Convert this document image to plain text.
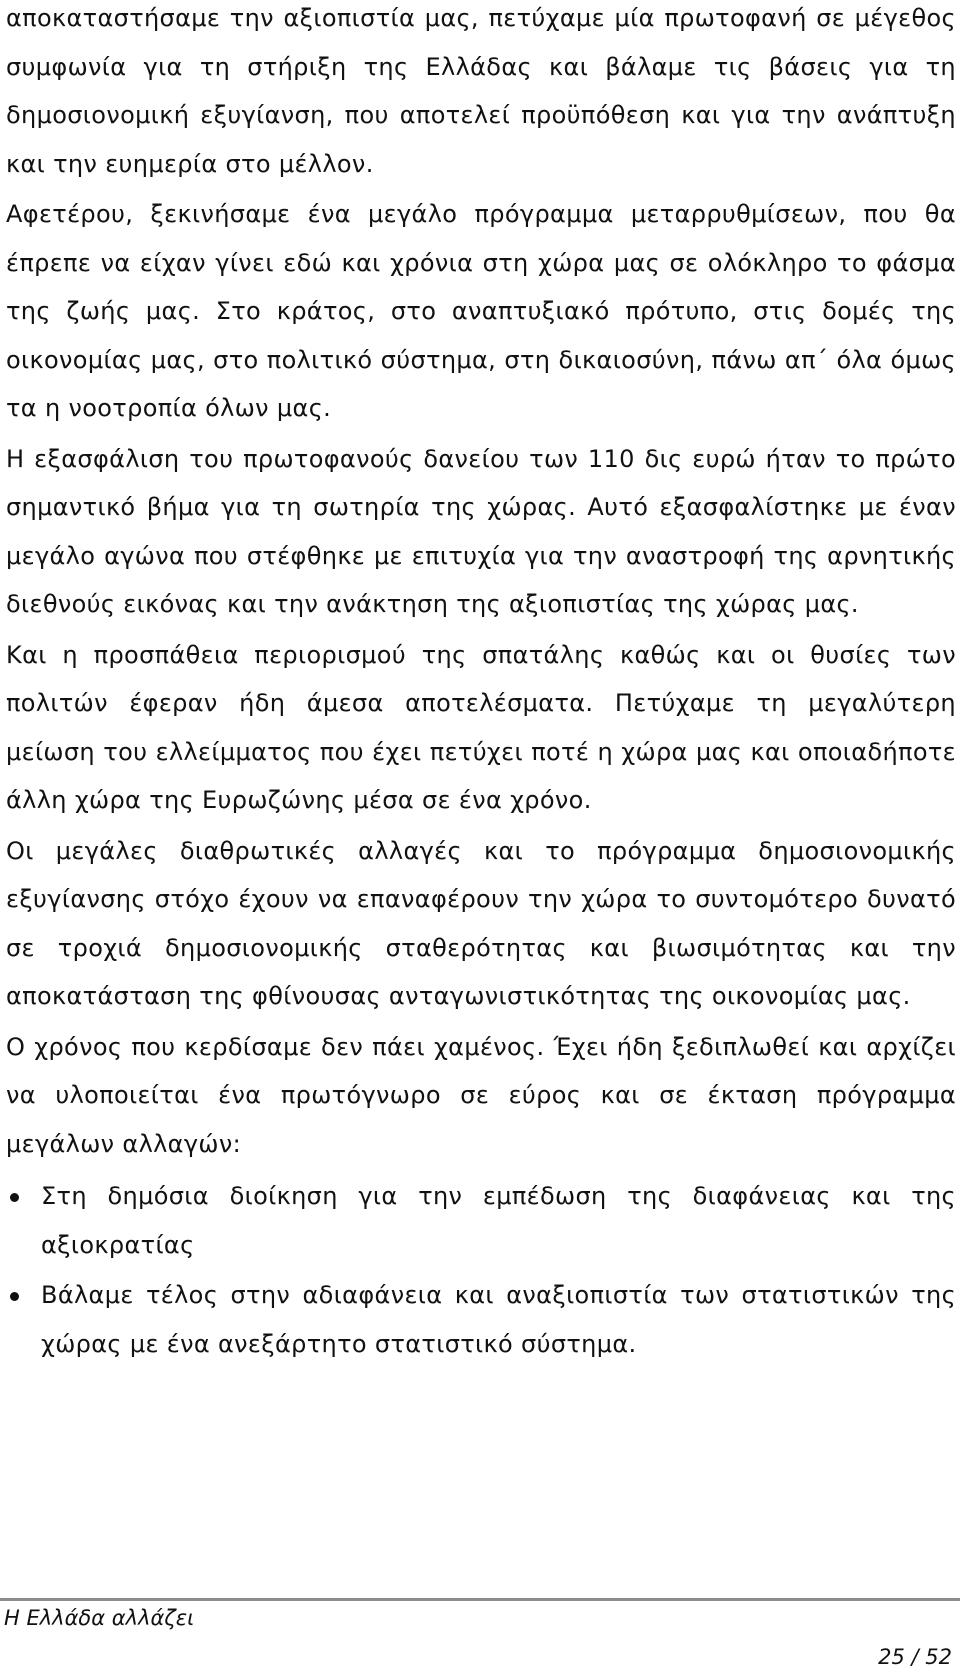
αποκαταστήσαμε την αξιοπιστία μας, πετύχαμε μία πρωτοφανή σε μέγεθος συμφωνία για τη στήριξη της Ελλάδας και βάλαμε τις βάσεις για τη δημοσιονομική εξυγίανση, που αποτελεί προϋπόθεση και για την ανάπτυξη και την ευημερία στο μέλλον.

Αφετέρου, ξεκινήσαμε ένα μεγάλο πρόγραμμα μεταρρυθμίσεων, που θα έπρεπε να είχαν γίνει εδώ και χρόνια στη χώρα μας σε ολόκληρο το φάσμα της ζωής μας. Στο κράτος, στο αναπτυξιακό πρότυπο, στις δομές της οικονομίας μας, στο πολιτικό σύστημα, στη δικαιοσύνη, πάνω απ΄ όλα όμως τα η νοοτροπία όλων μας.

Η εξασφάλιση του πρωτοφανούς δανείου των 110 δις ευρώ ήταν το πρώτο σημαντικό βήμα για τη σωτηρία της χώρας. Αυτό εξασφαλίστηκε με έναν μεγάλο αγώνα που στέφθηκε με επιτυχία για την αναστροφή της αρνητικής διεθνούς εικόνας και την ανάκτηση της αξιοπιστίας της χώρας μας.

Και η προσπάθεια περιορισμού της σπατάλης καθώς και οι θυσίες των πολιτών έφεραν ήδη άμεσα αποτελέσματα. Πετύχαμε τη μεγαλύτερη μείωση του ελλείμματος που έχει πετύχει ποτέ η χώρα μας και οποιαδήποτε άλλη χώρα της Ευρωζώνης μέσα σε ένα χρόνο.

Οι μεγάλες διαθρωτικές αλλαγές και το πρόγραμμα δημοσιονομικής εξυγίανσης στόχο έχουν να επαναφέρουν την χώρα το συντομότερο δυνατό σε τροχιά δημοσιονομικής σταθερότητας και βιωσιμότητας και την αποκατάσταση της φθίνουσας ανταγωνιστικότητας της οικονομίας μας.

Ο χρόνος που κερδίσαμε δεν πάει χαμένος. Έχει ήδη ξεδιπλωθεί και αρχίζει να υλοποιείται ένα πρωτόγνωρο σε εύρος και σε έκταση πρόγραμμα μεγάλων αλλαγών:

Στη δημόσια διοίκηση για την εμπέδωση της διαφάνειας και της αξιοκρατίας
Βάλαμε τέλος στην αδιαφάνεια και αναξιοπιστία των στατιστικών της χώρας με ένα ανεξάρτητο στατιστικό σύστημα.
Η Ελλάδα αλλάζει
25 / 52
